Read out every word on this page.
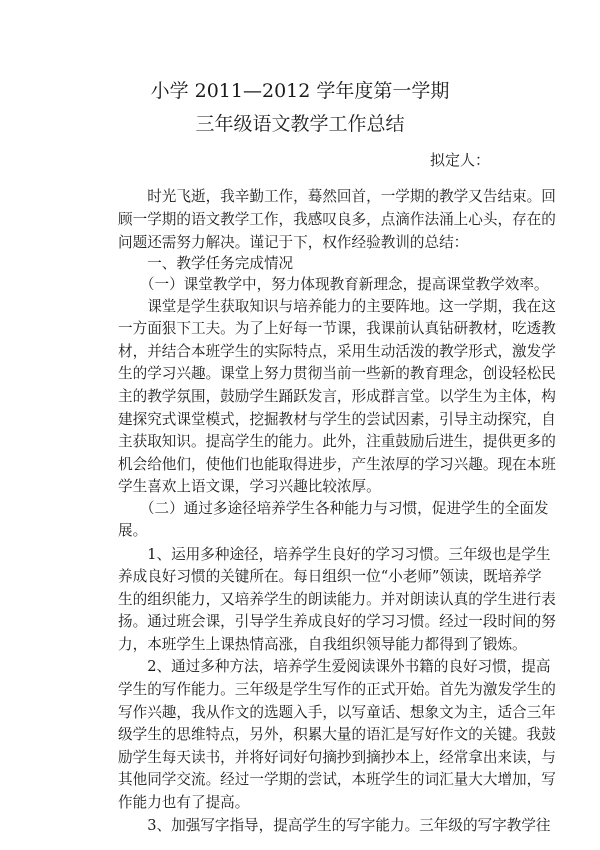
小学 2011—2012 学年度第一学期
三年级语文教学工作总结
拟定人：
　　时光飞逝，我辛勤工作，蓦然回首，一学期的教学又告结束。回
顾一学期的语文教学工作，我感叹良多，点滴作法涌上心头，存在的
问题还需努力解决。谨记于下，权作经验教训的总结：
　　一、教学任务完成情况
　　（一）课堂教学中，努力体现教育新理念，提高课堂教学效率。
　　课堂是学生获取知识与培养能力的主要阵地。这一学期，我在这
一方面狠下工夫。为了上好每一节课，我课前认真钻研教材，吃透教
材，并结合本班学生的实际特点，采用生动活泼的教学形式，激发学
生的学习兴趣。课堂上努力贯彻当前一些新的教育理念，创设轻松民
主的教学氛围，鼓励学生踊跃发言，形成群言堂。以学生为主体，构
建探究式课堂模式，挖掘教材与学生的尝试因素，引导主动探究，自
主获取知识。提高学生的能力。此外，注重鼓励后进生，提供更多的
机会给他们，使他们也能取得进步，产生浓厚的学习兴趣。现在本班
学生喜欢上语文课，学习兴趣比较浓厚。
　　（二）通过多途径培养学生各种能力与习惯，促进学生的全面发
展。
　　1、运用多种途径，培养学生良好的学习习惯。三年级也是学生
养成良好习惯的关键所在。每日组织一位“小老师”领读，既培养学
生的组织能力，又培养学生的朗读能力。并对朗读认真的学生进行表
扬。通过班会课，引导学生养成良好的学习习惯。经过一段时间的努
力，本班学生上课热情高涨，自我组织领导能力都得到了锻炼。
　　2、通过多种方法，培养学生爱阅读课外书籍的良好习惯，提高
学生的写作能力。三年级是学生写作的正式开始。首先为激发学生的
写作兴趣，我从作文的选题入手，以写童话、想象文为主，适合三年
级学生的思维特点，另外，积累大量的语汇是写好作文的关键。我鼓
励学生每天读书，并将好词好句摘抄到摘抄本上，经常拿出来读，与
其他同学交流。经过一学期的尝试，本班学生的词汇量大大增加，写
作能力也有了提高。
　　3、加强写字指导，提高学生的写字能力。三年级的写字教学往
